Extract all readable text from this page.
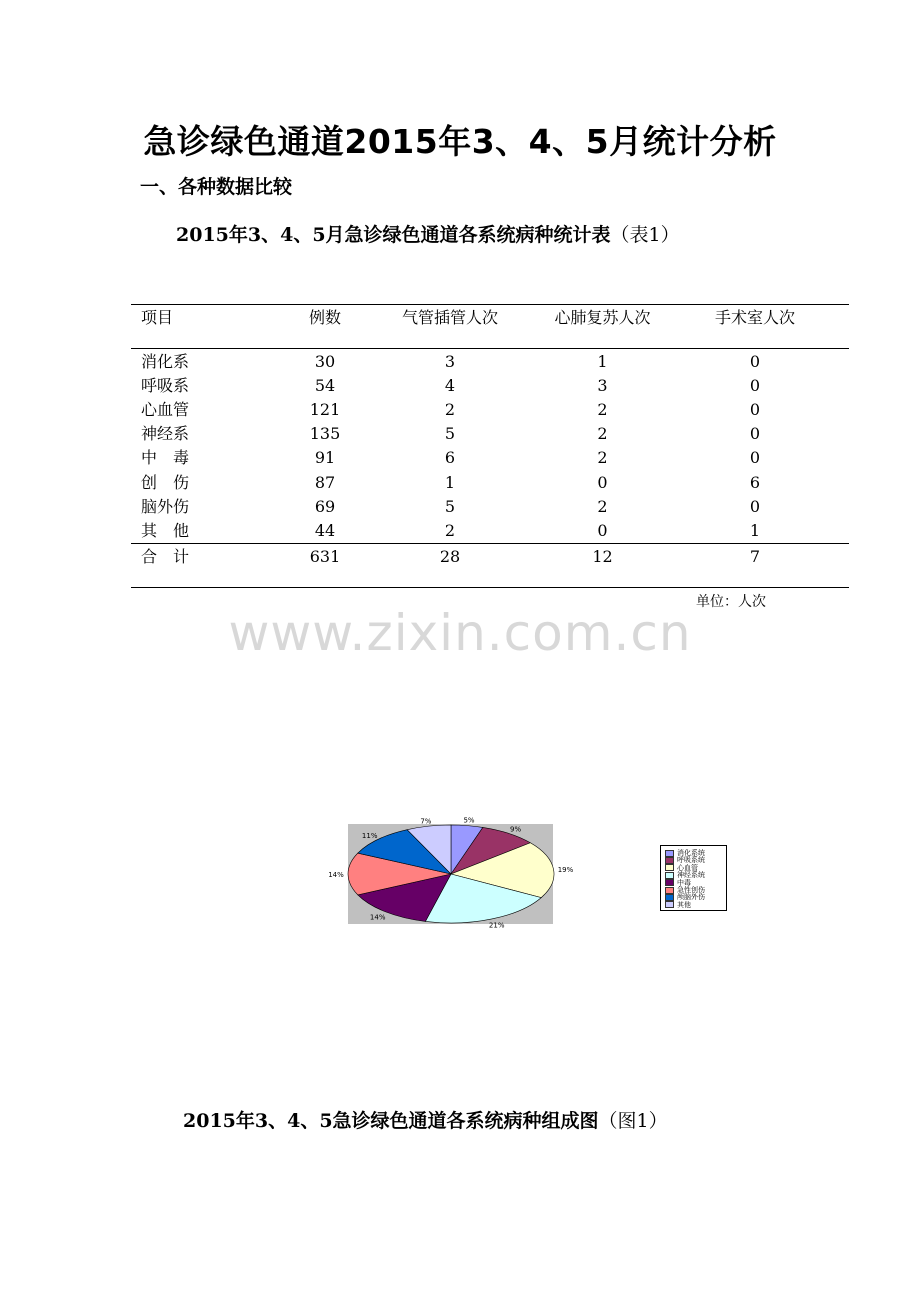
急诊绿色通道2015年3、4、5月统计分析
一、各种数据比较
2015年3、4、5月急诊绿色通道各系统病种统计表（表1）
项目	例数	气管插管人次	心肺复苏人次	手术室人次
消化系	30	3	1	0
呼吸系	54	4	3	0
心血管	121	2	2	0
神经系	135	5	2	0
中　毒	91	6	2	0
创　伤	87	1	0	6
脑外伤	69	5	2	0
其　他	44	2	0	1
合　计	631	28	12	7
单位：人次
www.zixin.com.cn
5%
9%
19%
21%
14%
14%
11%
7%
消化系统
呼吸系统
心血管
神经系统
中毒
急性创伤
颅脑外伤
其他
2015年3、4、5急诊绿色通道各系统病种组成图（图1）
